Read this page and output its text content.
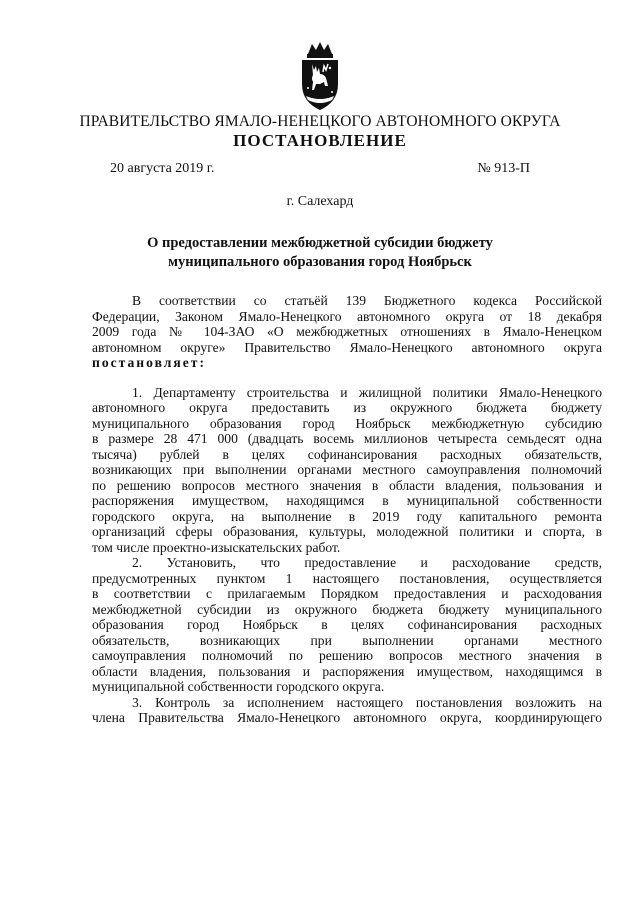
ПРАВИТЕЛЬСТВО ЯМАЛО-НЕНЕЦКОГО АВТОНОМНОГО ОКРУГА
ПОСТАНОВЛЕНИЕ
20 августа 2019 г.	№ 913-П
г. Салехард
О предоставлении межбюджетной субсидии бюджету
муниципального образования город Ноябрьск
В соответствии со статьёй 139 Бюджетного кодекса Российской
Федерации, Законом Ямало-Ненецкого автономного округа от 18 декабря
2009 года № 104-ЗАО «О межбюджетных отношениях в Ямало-Ненецком
автономном округе» Правительство Ямало-Ненецкого автономного округа
постановляет:
1. Департаменту строительства и жилищной политики Ямало-Ненецкого
автономного округа предоставить из окружного бюджета бюджету
муниципального образования город Ноябрьск межбюджетную субсидию
в размере 28 471 000 (двадцать восемь миллионов четыреста семьдесят одна
тысяча) рублей в целях софинансирования расходных обязательств,
возникающих при выполнении органами местного самоуправления полномочий
по решению вопросов местного значения в области владения, пользования и
распоряжения имуществом, находящимся в муниципальной собственности
городского округа, на выполнение в 2019 году капитального ремонта
организаций сферы образования, культуры, молодежной политики и спорта, в
том числе проектно-изыскательских работ.
2. Установить, что предоставление и расходование средств,
предусмотренных пунктом 1 настоящего постановления, осуществляется
в соответствии с прилагаемым Порядком предоставления и расходования
межбюджетной субсидии из окружного бюджета бюджету муниципального
образования город Ноябрьск в целях софинансирования расходных
обязательств, возникающих при выполнении органами местного
самоуправления полномочий по решению вопросов местного значения в
области владения, пользования и распоряжения имуществом, находящимся в
муниципальной собственности городского округа.
3. Контроль за исполнением настоящего постановления возложить на
члена Правительства Ямало-Ненецкого автономного округа, координирующего
